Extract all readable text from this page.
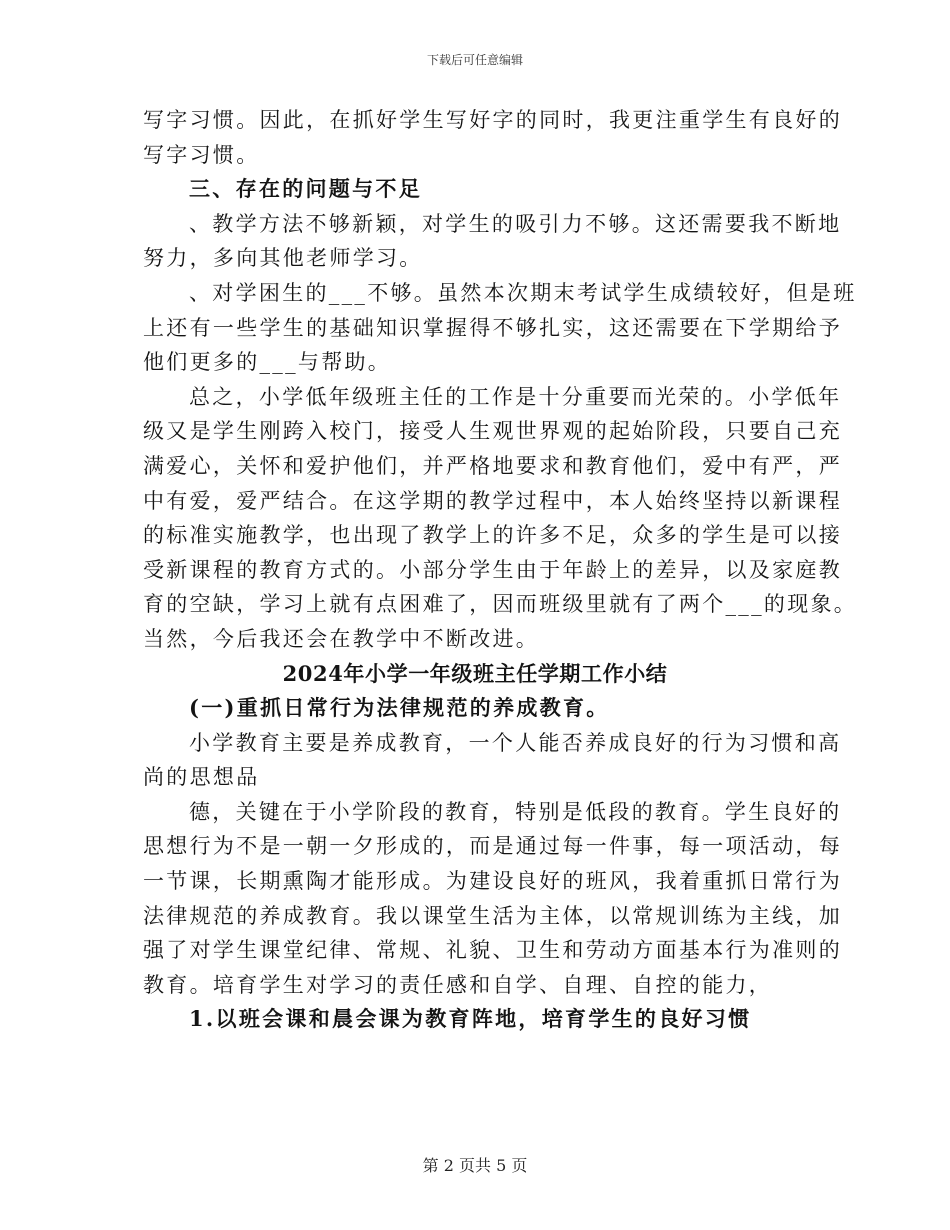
下载后可任意编辑
写字习惯。因此，在抓好学生写好字的同时，我更注重学生有良好的
写字习惯。
三、存在的问题与不足
、教学方法不够新颖，对学生的吸引力不够。这还需要我不断地
努力，多向其他老师学习。
、对学困生的___不够。虽然本次期末考试学生成绩较好，但是班
上还有一些学生的基础知识掌握得不够扎实，这还需要在下学期给予
他们更多的___与帮助。
总之，小学低年级班主任的工作是十分重要而光荣的。小学低年
级又是学生刚跨入校门，接受人生观世界观的起始阶段，只要自己充
满爱心，关怀和爱护他们，并严格地要求和教育他们，爱中有严，严
中有爱，爱严结合。在这学期的教学过程中，本人始终坚持以新课程
的标准实施教学，也出现了教学上的许多不足，众多的学生是可以接
受新课程的教育方式的。小部分学生由于年龄上的差异，以及家庭教
育的空缺，学习上就有点困难了，因而班级里就有了两个___的现象。
当然，今后我还会在教学中不断改进。
2024年小学一年级班主任学期工作小结
(一)重抓日常行为法律规范的养成教育。
小学教育主要是养成教育，一个人能否养成良好的行为习惯和高
尚的思想品
德，关键在于小学阶段的教育，特别是低段的教育。学生良好的
思想行为不是一朝一夕形成的，而是通过每一件事，每一项活动，每
一节课，长期熏陶才能形成。为建设良好的班风，我着重抓日常行为
法律规范的养成教育。我以课堂生活为主体，以常规训练为主线，加
强了对学生课堂纪律、常规、礼貌、卫生和劳动方面基本行为准则的
教育。培育学生对学习的责任感和自学、自理、自控的能力，
1.以班会课和晨会课为教育阵地，培育学生的良好习惯
第 2 页共 5 页
